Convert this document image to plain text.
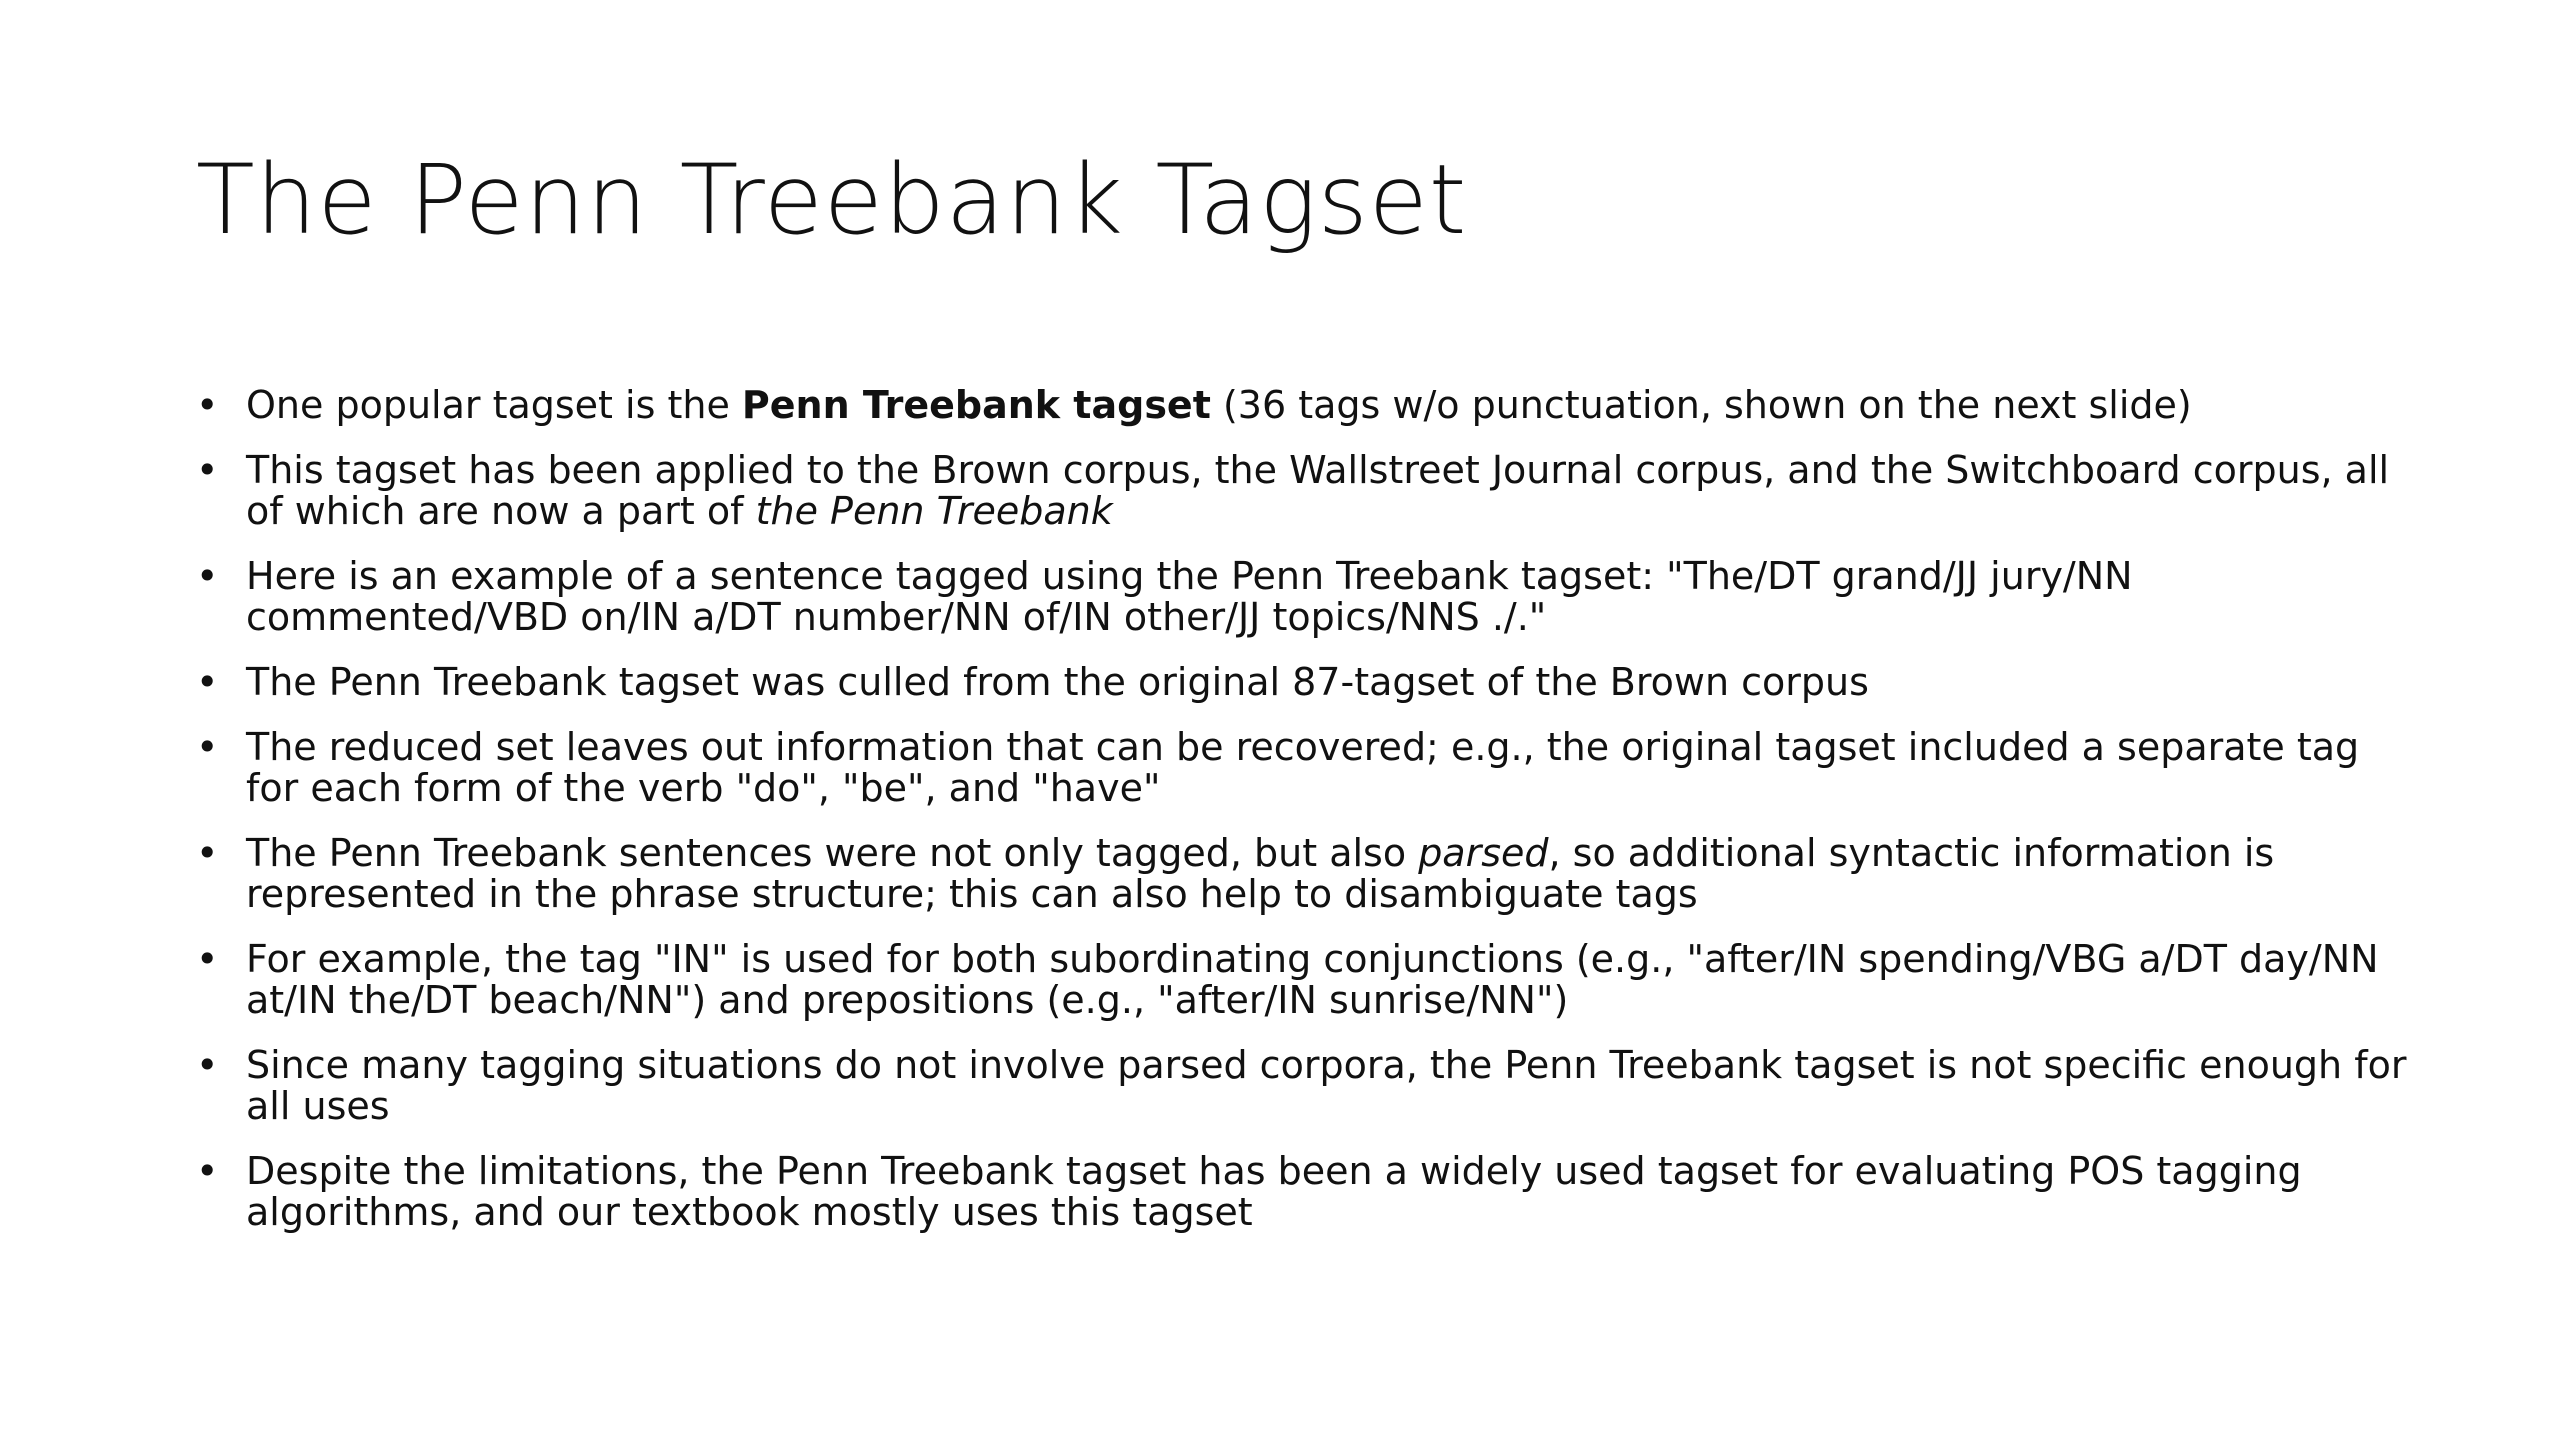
The Penn Treebank Tagset
• One popular tagset is the Penn Treebank tagset (36 tags w/o punctuation, shown on the next slide)
• This tagset has been applied to the Brown corpus, the Wallstreet Journal corpus, and the Switchboard corpus, all of which are now a part of the Penn Treebank
• Here is an example of a sentence tagged using the Penn Treebank tagset: "The/DT grand/JJ jury/NN commented/VBD on/IN a/DT number/NN of/IN other/JJ topics/NNS ./."
• The Penn Treebank tagset was culled from the original 87-tagset of the Brown corpus
• The reduced set leaves out information that can be recovered; e.g., the original tagset included a separate tag for each form of the verb "do", "be", and "have"
• The Penn Treebank sentences were not only tagged, but also parsed, so additional syntactic information is represented in the phrase structure; this can also help to disambiguate tags
• For example, the tag "IN" is used for both subordinating conjunctions (e.g., "after/IN spending/VBG a/DT day/NN at/IN the/DT beach/NN") and prepositions (e.g., "after/IN sunrise/NN")
• Since many tagging situations do not involve parsed corpora, the Penn Treebank tagset is not specific enough for all uses
• Despite the limitations, the Penn Treebank tagset has been a widely used tagset for evaluating POS tagging algorithms, and our textbook mostly uses this tagset
